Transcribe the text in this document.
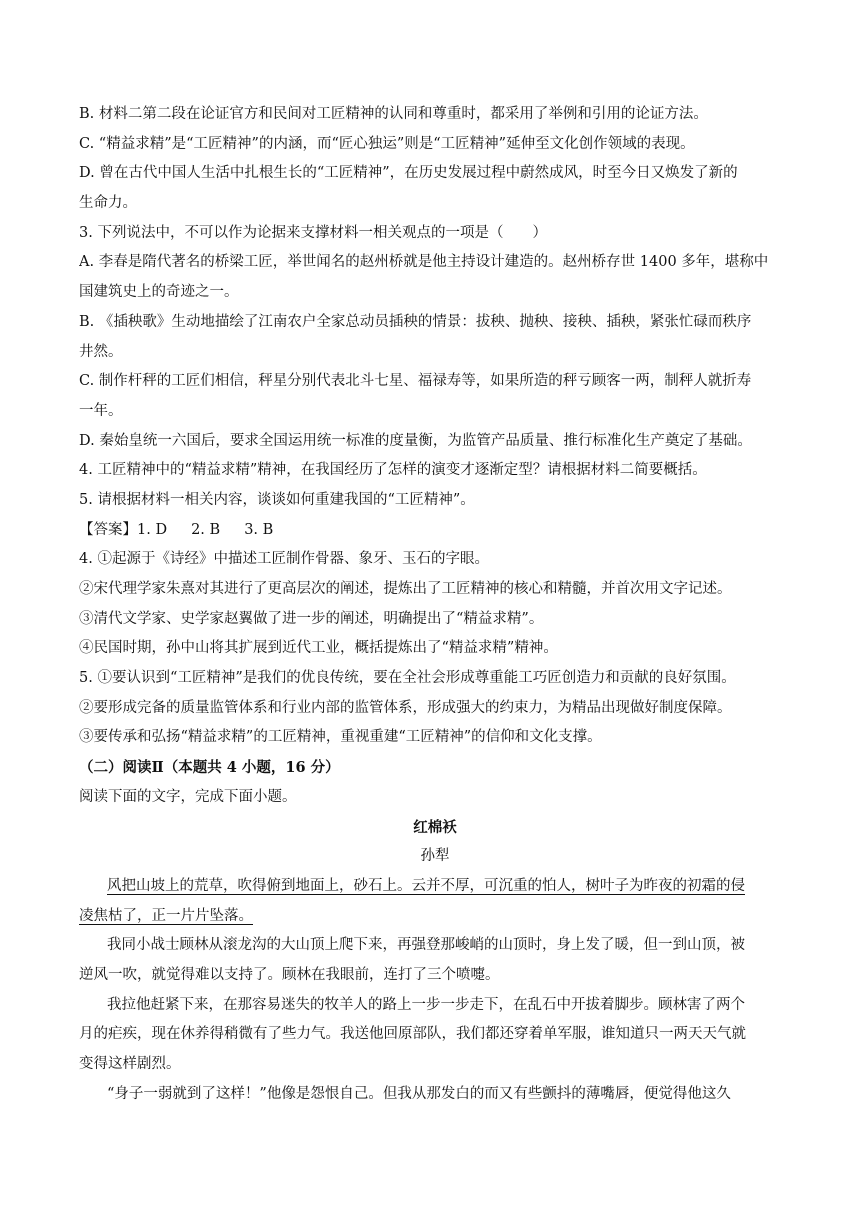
B. 材料二第二段在论证官方和民间对工匠精神的认同和尊重时，都采用了举例和引用的论证方法。
C. “精益求精”是“工匠精神”的内涵，而“匠心独运”则是“工匠精神”延伸至文化创作领域的表现。
D. 曾在古代中国人生活中扎根生长的“工匠精神”，在历史发展过程中蔚然成风，时至今日又焕发了新的
生命力。
3. 下列说法中，不可以作为论据来支撑材料一相关观点的一项是（　　）
A. 李春是隋代著名的桥梁工匠，举世闻名的赵州桥就是他主持设计建造的。赵州桥存世 1400 多年，堪称中
国建筑史上的奇迹之一。
B. 《插秧歌》生动地描绘了江南农户全家总动员插秧的情景：拔秧、抛秧、接秧、插秧，紧张忙碌而秩序
井然。
C. 制作杆秤的工匠们相信，秤星分别代表北斗七星、福禄寿等，如果所造的秤亏顾客一两，制秤人就折寿
一年。
D. 秦始皇统一六国后，要求全国运用统一标准的度量衡，为监管产品质量、推行标准化生产奠定了基础。
4. 工匠精神中的“精益求精”精神，在我国经历了怎样的演变才逐渐定型？请根据材料二简要概括。
5. 请根据材料一相关内容，谈谈如何重建我国的“工匠精神”。
【答案】1. D 2. B 3. B
4. ①起源于《诗经》中描述工匠制作骨器、象牙、玉石的字眼。
②宋代理学家朱熹对其进行了更高层次的阐述，提炼出了工匠精神的核心和精髓，并首次用文字记述。
③清代文学家、史学家赵翼做了进一步的阐述，明确提出了“精益求精”。
④民国时期，孙中山将其扩展到近代工业，概括提炼出了“精益求精”精神。
5. ①要认识到“工匠精神”是我们的优良传统，要在全社会形成尊重能工巧匠创造力和贡献的良好氛围。
②要形成完备的质量监管体系和行业内部的监管体系，形成强大的约束力，为精品出现做好制度保障。
③要传承和弘扬“精益求精”的工匠精神，重视重建“工匠精神”的信仰和文化支撑。
（二）阅读Ⅱ（本题共 4 小题，16 分）
阅读下面的文字，完成下面小题。
红棉袄
孙犁
风把山坡上的荒草，吹得俯到地面上，砂石上。云并不厚，可沉重的怕人，树叶子为昨夜的初霜的侵
凌焦枯了，正一片片坠落。
我同小战士顾林从滚龙沟的大山顶上爬下来，再强登那峻峭的山顶时，身上发了暖，但一到山顶，被
逆风一吹，就觉得难以支持了。顾林在我眼前，连打了三个喷嚏。
我拉他赶紧下来，在那容易迷失的牧羊人的路上一步一步走下，在乱石中开拔着脚步。顾林害了两个
月的疟疾，现在休养得稍微有了些力气。我送他回原部队，我们都还穿着单军服，谁知道只一两天天气就
变得这样剧烈。
“身子一弱就到了这样！”他像是怨恨自己。但我从那发白的而又有些颤抖的薄嘴唇，便觉得他这久
